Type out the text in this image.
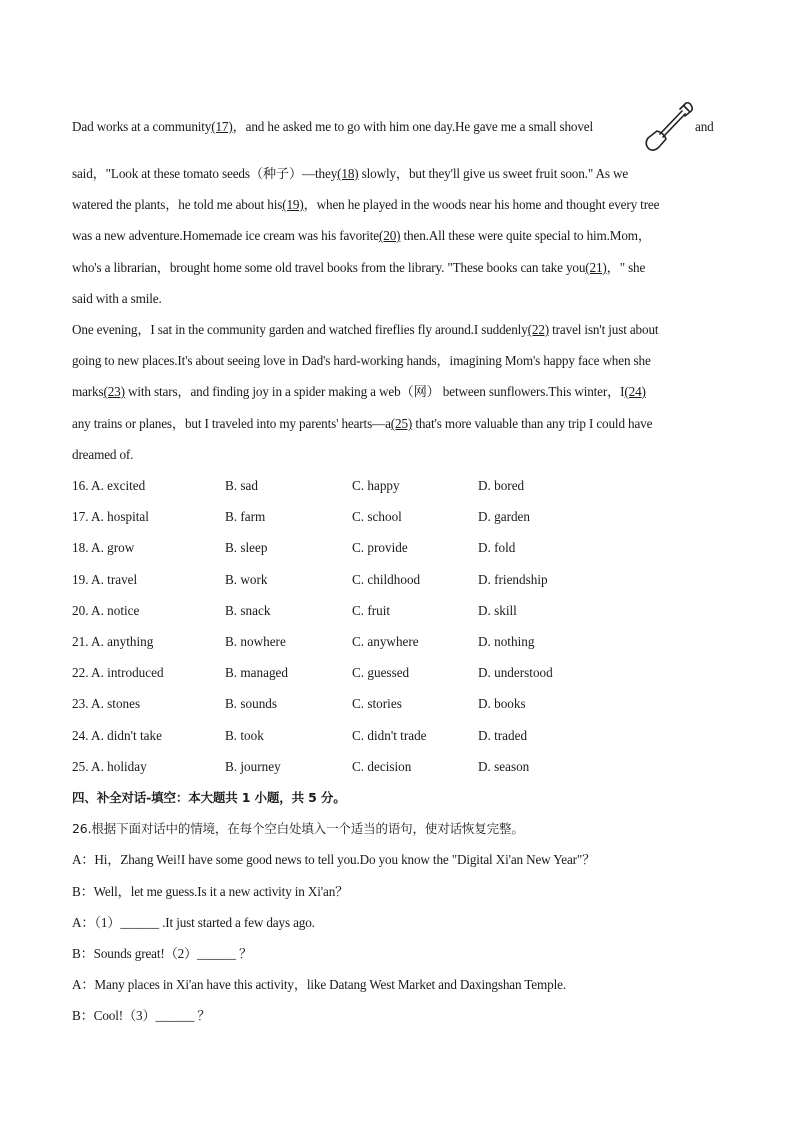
Dad works at a community(17)，and he asked me to go with him one day.He gave me a small shovel	and
said，"Look at these tomato seeds（种子）—they(18) slowly，but they'll give us sweet fruit soon." As we
watered the plants，he told me about his(19)，when he played in the woods near his home and thought every tree
was a new adventure.Homemade ice cream was his favorite(20) then.All these were quite special to him.Mom，
who's a librarian，brought home some old travel books from the library. "These books can take you(21)，" she
said with a smile.
One evening，I sat in the community garden and watched fireflies fly around.I suddenly(22) travel isn't just about
going to new places.It's about seeing love in Dad's hard-working hands，imagining Mom's happy face when she
marks(23) with stars，and finding joy in a spider making a web（网） between sunflowers.This winter，I(24)
any trains or planes，but I traveled into my parents' hearts—a(25) that's more valuable than any trip I could have
dreamed of.
16. A. excited	B. sad	C. happy	D. bored
17. A. hospital	B. farm	C. school	D. garden
18. A. grow	B. sleep	C. provide	D. fold
19. A. travel	B. work	C. childhood	D. friendship
20. A. notice	B. snack	C. fruit	D. skill
21. A. anything	B. nowhere	C. anywhere	D. nothing
22. A. introduced	B. managed	C. guessed	D. understood
23. A. stones	B. sounds	C. stories	D. books
24. A. didn't take	B. took	C. didn't trade	D. traded
25. A. holiday	B. journey	C. decision	D. season
四、补全对话-填空：本大题共 1 小题，共 5 分。
26.根据下面对话中的情境，在每个空白处填入一个适当的语句，使对话恢复完整。
A：Hi，Zhang Wei!I have some good news to tell you.Do you know the "Digital Xi'an New Year"？
B：Well，let me guess.Is it a new activity in Xi'an？
A：（1）______ .It just started a few days ago.
B：Sounds great!（2）______ ？
A：Many places in Xi'an have this activity，like Datang West Market and Daxingshan Temple.
B：Cool!（3）______ ？
